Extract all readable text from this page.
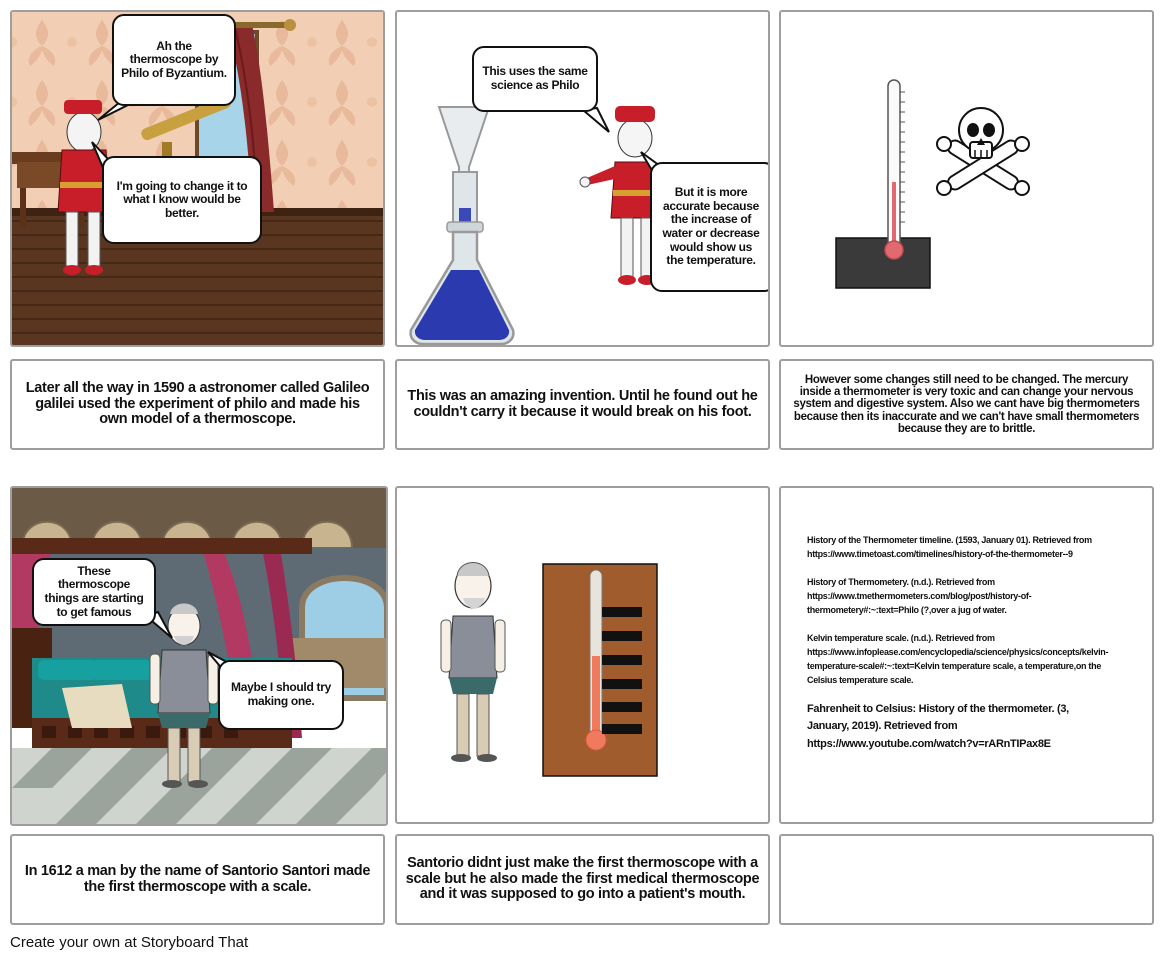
Ah the thermoscope by Philo of Byzantium.
I'm going to change it to what I know would be better.
This uses the same science as Philo
But it is more accurate because the increase of water or decrease would show us the temperature.
Later all the way in 1590 a astronomer called Galileo galilei used the experiment of philo and made his own model of a thermoscope.
This was an amazing invention. Until he found out he couldn't carry it because it would break on his foot.
However some changes still need to be changed. The mercury inside a thermometer is very toxic and can change your nervous system and digestive system. Also we cant have big thermometers because then its inaccurate and we can't have small thermometers because they are to brittle.
These thermoscope things are starting to get famous
Maybe I should try making one.

History of the Thermometer timeline. (1593, January 01). Retrieved from https://www.timetoast.com/timelines/history-of-the-thermometer--9

History of Thermometery. (n.d.). Retrieved from https://www.tmethermometers.com/blog/post/history-of-thermometery#:~:text=Philo (?,over a jug of water.

Kelvin temperature scale. (n.d.). Retrieved from https://www.infoplease.com/encyclopedia/science/physics/concepts/kelvin-temperature-scale#:~:text=Kelvin temperature scale, a temperature,on the Celsius temperature scale.

Fahrenheit to Celsius: History of the thermometer. (3, January, 2019). Retrieved from https://www.youtube.com/watch?v=rARnTIPax8E

In 1612 a man by the name of Santorio Santori made the first thermoscope with a scale.
Santorio didnt just make the first thermoscope with a scale but he also made the first medical thermoscope and it was supposed to go into a patient's mouth.
Create your own at Storyboard That
